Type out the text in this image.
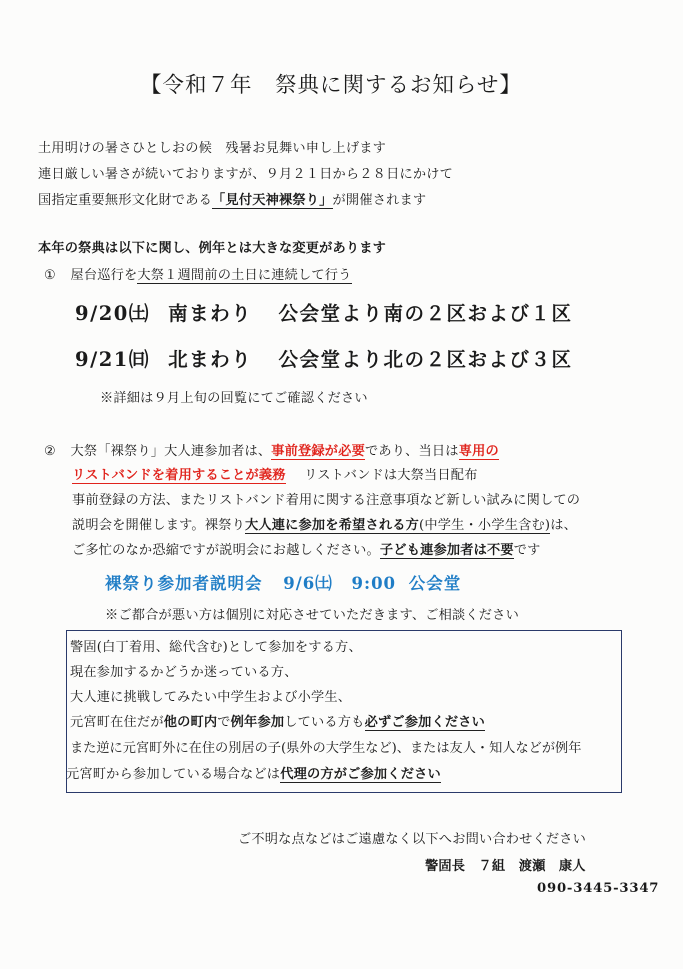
【令和７年　祭典に関するお知らせ】
土用明けの暑さひとしおの候　残暑お見舞い申し上げます
連日厳しい暑さが続いておりますが、９月２１日から２８日にかけて
国指定重要無形文化財である「見付天神裸祭り」が開催されます
本年の祭典は以下に関し、例年とは大きな変更があります
① 屋台巡行を大祭１週間前の土日に連続して行う
9/20㈯ 南まわり 公会堂より南の２区および１区
9/21㈰ 北まわり 公会堂より北の２区および３区
※詳細は９月上旬の回覧にてご確認ください
② 大祭「裸祭り」大人連参加者は、事前登録が必要であり、当日は専用の
リストバンドを着用することが義務 リストバンドは大祭当日配布
事前登録の方法、またリストバンド着用に関する注意事項など新しい試みに関しての
説明会を開催します。裸祭り大人連に参加を希望される方(中学生・小学生含む)は、
ご多忙のなか恐縮ですが説明会にお越しください。子ども連参加者は不要です
裸祭り参加者説明会 9/6㈯ 9:00 公会堂
※ご都合が悪い方は個別に対応させていただきます、ご相談ください
警固(白丁着用、総代含む)として参加をする方、
現在参加するかどうか迷っている方、
大人連に挑戦してみたい中学生および小学生、
元宮町在住だが他の町内で例年参加している方も必ずご参加ください
また逆に元宮町外に在住の別居の子(県外の大学生など)、または友人・知人などが例年
元宮町から参加している場合などは代理の方がご参加ください
ご不明な点などはご遠慮なく以下へお問い合わせください
警固長　７組　渡瀬　康人
090-3445-3347
